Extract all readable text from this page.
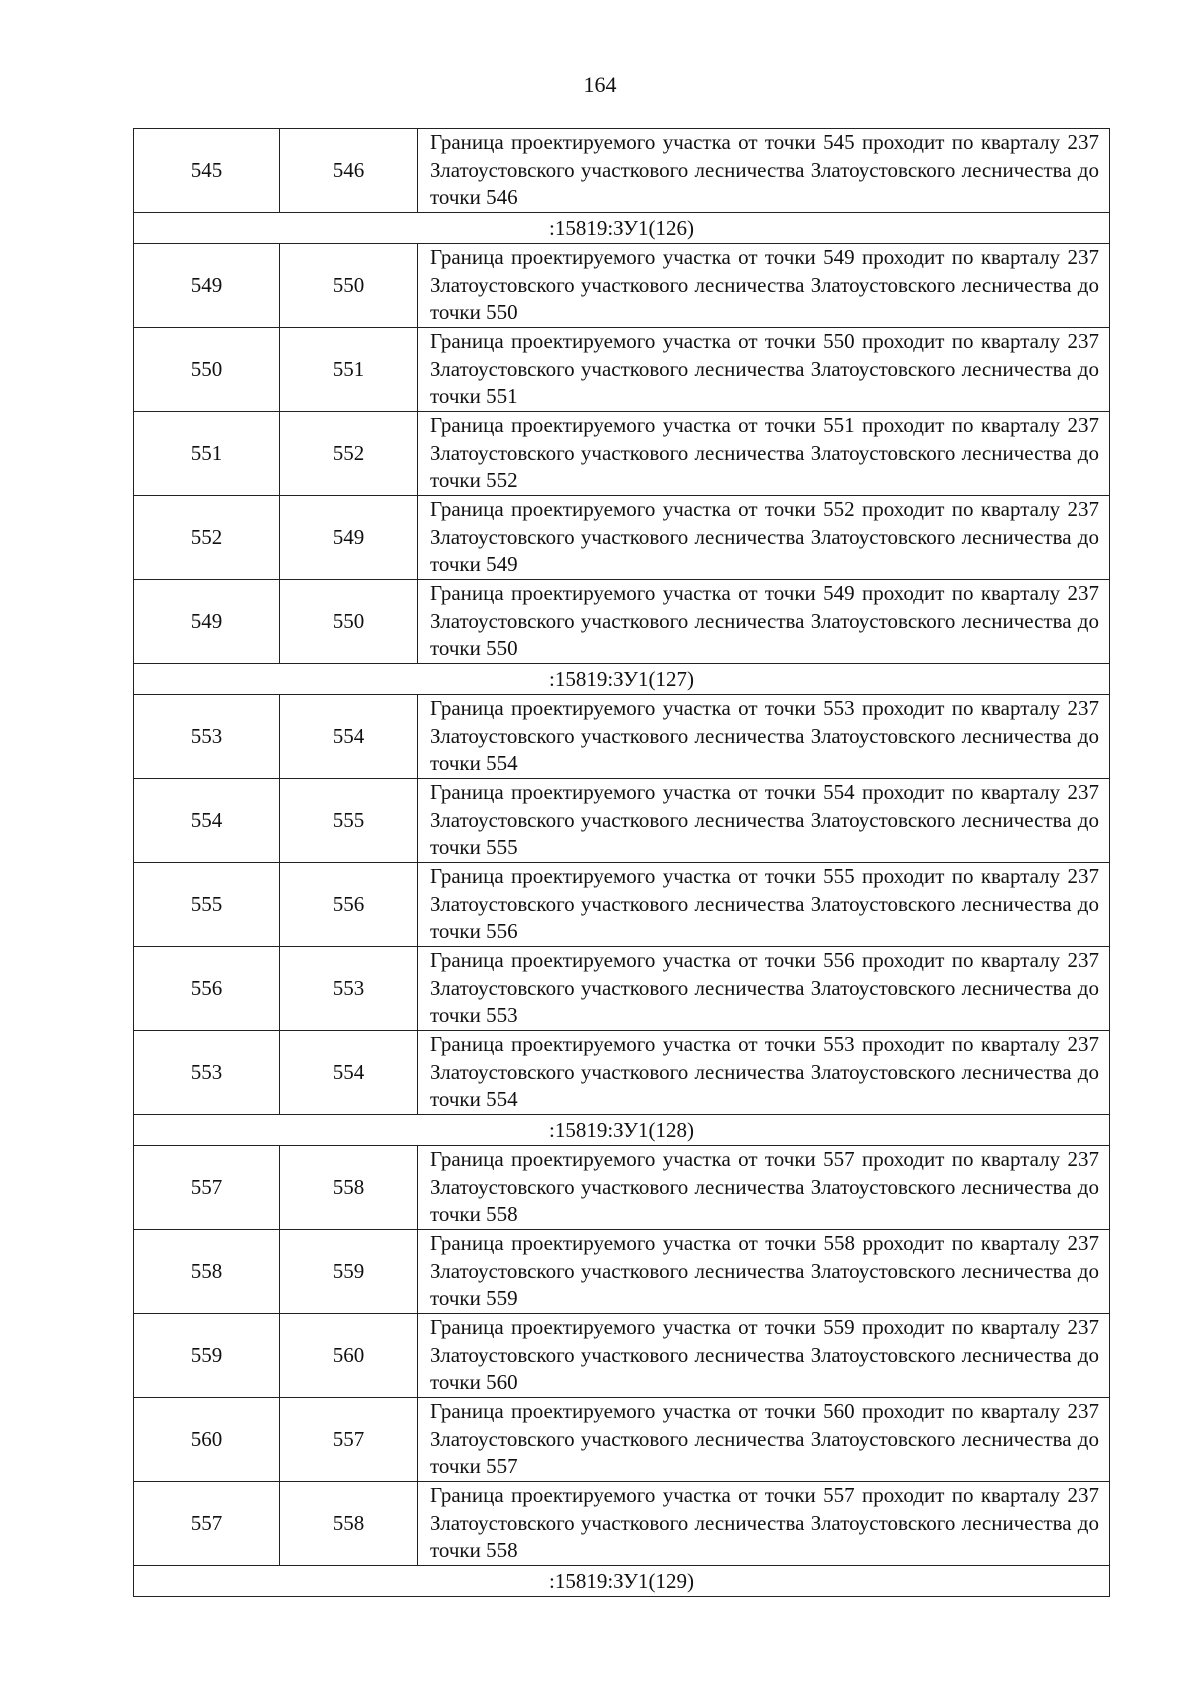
164
545	546	Граница проектируемого участка от точки 545 проходит по кварталу 237 Златоустовского участкового лесничества Златоустовского лесничества до точки 546
:15819:ЗУ1(126)		
549	550	Граница проектируемого участка от точки 549 проходит по кварталу 237 Златоустовского участкового лесничества Златоустовского лесничества до точки 550
550	551	Граница проектируемого участка от точки 550 проходит по кварталу 237 Златоустовского участкового лесничества Златоустовского лесничества до точки 551
551	552	Граница проектируемого участка от точки 551 проходит по кварталу 237 Златоустовского участкового лесничества Златоустовского лесничества до точки 552
552	549	Граница проектируемого участка от точки 552 проходит по кварталу 237 Златоустовского участкового лесничества Златоустовского лесничества до точки 549
549	550	Граница проектируемого участка от точки 549 проходит по кварталу 237 Златоустовского участкового лесничества Златоустовского лесничества до точки 550
:15819:ЗУ1(127)		
553	554	Граница проектируемого участка от точки 553 проходит по кварталу 237 Златоустовского участкового лесничества Златоустовского лесничества до точки 554
554	555	Граница проектируемого участка от точки 554 проходит по кварталу 237 Златоустовского участкового лесничества Златоустовского лесничества до точки 555
555	556	Граница проектируемого участка от точки 555 проходит по кварталу 237 Златоустовского участкового лесничества Златоустовского лесничества до точки 556
556	553	Граница проектируемого участка от точки 556 проходит по кварталу 237 Златоустовского участкового лесничества Златоустовского лесничества до точки 553
553	554	Граница проектируемого участка от точки 553 проходит по кварталу 237 Златоустовского участкового лесничества Златоустовского лесничества до точки 554
:15819:ЗУ1(128)		
557	558	Граница проектируемого участка от точки 557 проходит по кварталу 237 Златоустовского участкового лесничества Златоустовского лесничества до точки 558
558	559	Граница проектируемого участка от точки 558 рроходит по кварталу 237 Златоустовского участкового лесничества Златоустовского лесничества до точки 559
559	560	Граница проектируемого участка от точки 559 проходит по кварталу 237 Златоустовского участкового лесничества Златоустовского лесничества до точки 560
560	557	Граница проектируемого участка от точки 560 проходит по кварталу 237 Златоустовского участкового лесничества Златоустовского лесничества до точки 557
557	558	Граница проектируемого участка от точки 557 проходит по кварталу 237 Златоустовского участкового лесничества Златоустовского лесничества до точки 558
:15819:ЗУ1(129)		
